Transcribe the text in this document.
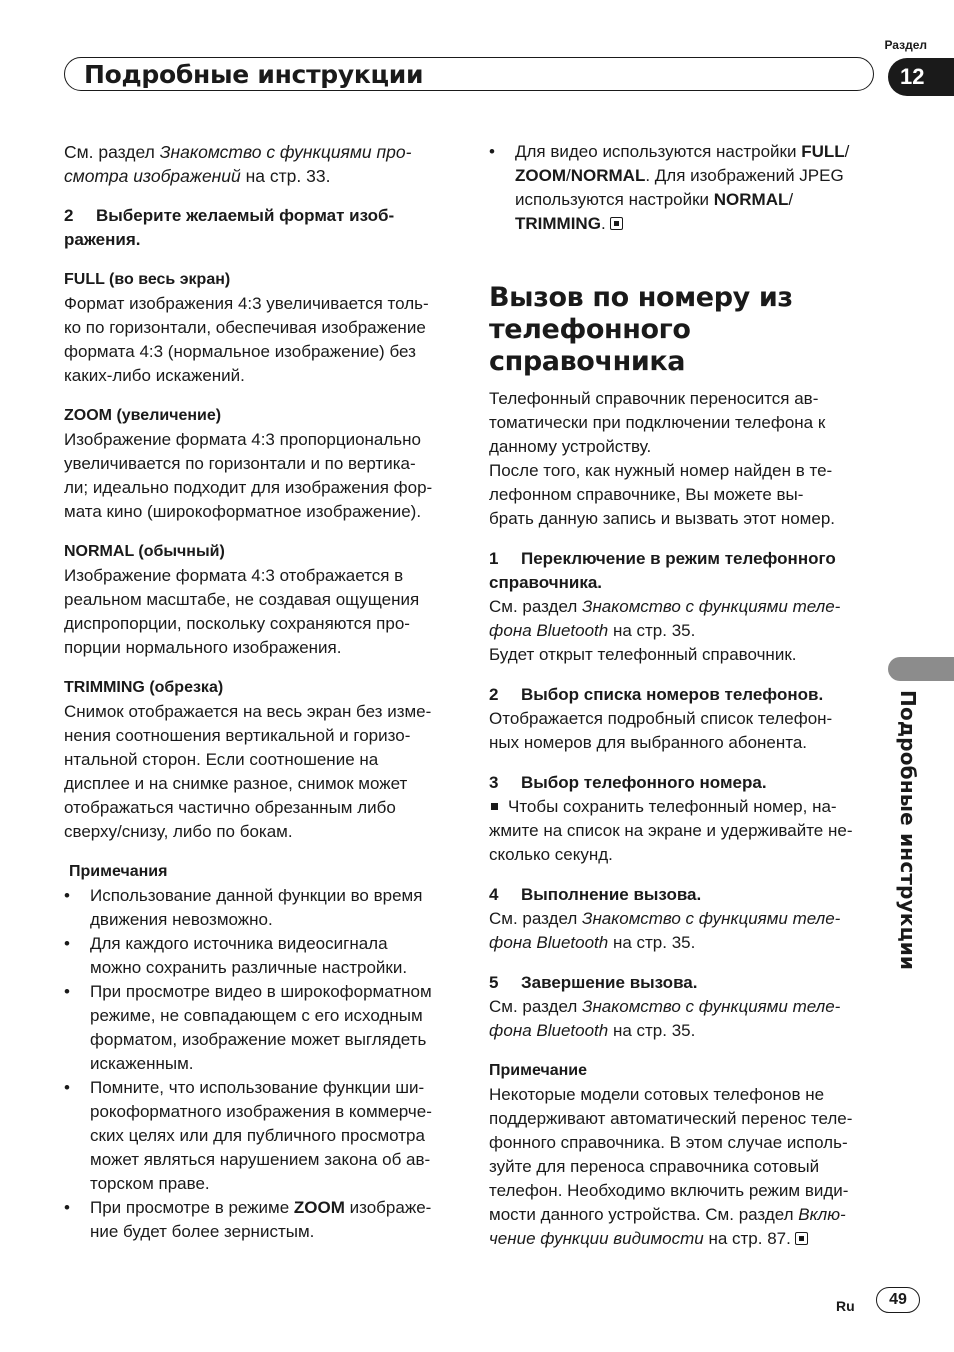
Подробные инструкции
Раздел
12
Подробные инструкции

См. раздел Знакомство с функциями про-
смотра изображений на стр. 33.

2 Выберите желаемый формат изоб-

ражения.

FULL (во весь экран)

Формат изображения 4:3 увеличивается толь-
ко по горизонтали, обеспечивая изображение
формата 4:3 (нормальное изображение) без
каких-либо искажений.

ZOOM (увеличение)

Изображение формата 4:3 пропорционально
увеличивается по горизонтали и по вертика-
ли; идеально подходит для изображения фор-
мата кино (широкоформатное изображение).

NORMAL (обычный)

Изображение формата 4:3 отображается в
реальном масштабе, не создавая ощущения
диспропорции, поскольку сохраняются про-
порции нормального изображения.

TRIMMING (обрезка)

Снимок отображается на весь экран без изме-
нения соотношения вертикальной и горизо-
нтальной сторон. Если соотношение на
дисплее и на снимке разное, снимок может
отображаться частично обрезанным либо
сверху/снизу, либо по бокам.

Примечания

• Использование данной функции во время
движения невозможно.
• Для каждого источника видеосигнала
можно сохранить различные настройки.
• При просмотре видео в широкоформатном
режиме, не совпадающем с его исходным
форматом, изображение может выглядеть
искаженным.
• Помните, что использование функции ши-
рокоформатного изображения в коммерче-
ских целях или для публичного просмотра
может являться нарушением закона об ав-
торском праве.
• При просмотре в режиме ZOOM изображе-
ние будет более зернистым.
• Для видео используются настройки FULL/
ZOOM/NORMAL. Для изображений JPEG
используются настройки NORMAL/
TRIMMING.

Вызов по номеру из

телефонного справочника

Телефонный справочник переносится ав-
томатически при подключении телефона к
данному устройству.
После того, как нужный номер найден в те-
лефонном справочнике, Вы можете вы-
брать данную запись и вызвать этот номер.

1 Переключение в режим телефонного

справочника.

См. раздел Знакомство с функциями теле-
фона Bluetooth на стр. 35.
Будет открыт телефонный справочник.

2 Выбор списка номеров телефонов.

Отображается подробный список телефон-
ных номеров для выбранного абонента.

3 Выбор телефонного номера.

Чтобы сохранить телефонный номер, на-
жмите на список на экране и удерживайте не-
сколько секунд.

4 Выполнение вызова.

См. раздел Знакомство с функциями теле-
фона Bluetooth на стр. 35.

5 Завершение вызова.

См. раздел Знакомство с функциями теле-
фона Bluetooth на стр. 35.

Примечание

Некоторые модели сотовых телефонов не
поддерживают автоматический перенос теле-
фонного справочника. В этом случае исполь-
зуйте для переноса справочника сотовый
телефон. Необходимо включить режим види-
мости данного устройства. См. раздел Вклю-
чение функции видимости на стр. 87.
Ru	49
